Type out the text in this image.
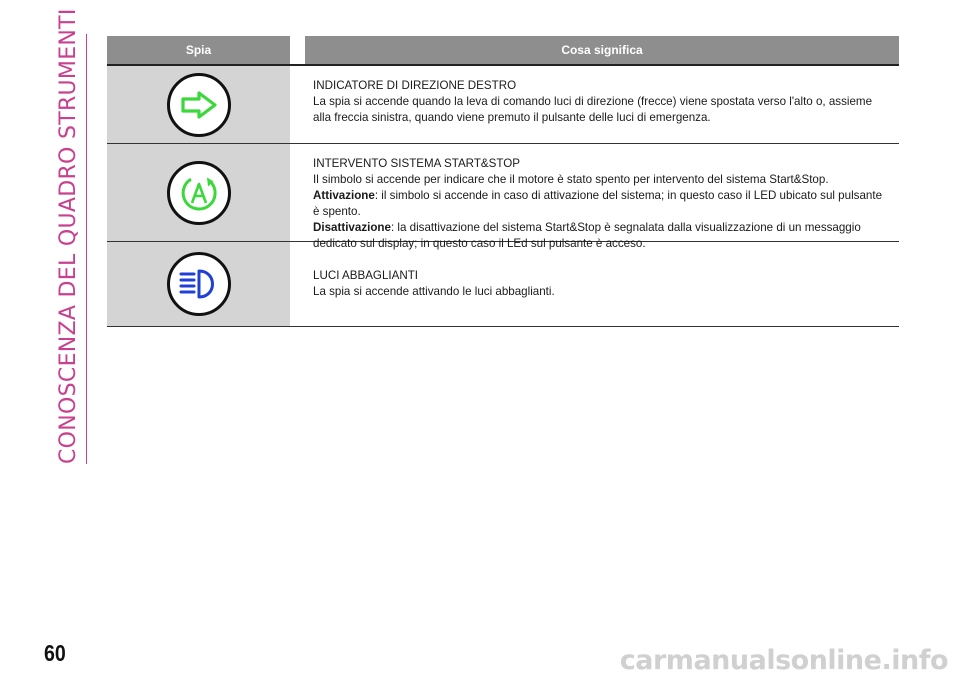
CONOSCENZA DEL QUADRO STRUMENTI	Spia	Cosa significa
INDICATORE DI DIREZIONE DESTRO
La spia si accende quando la leva di comando luci di direzione (frecce) viene spostata verso l'alto o, assieme alla freccia sinistra, quando viene premuto il pulsante delle luci di emergenza.
INTERVENTO SISTEMA START&STOP
Il simbolo si accende per indicare che il motore è stato spento per intervento del sistema Start&Stop.
Attivazione: il simbolo si accende in caso di attivazione del sistema; in questo caso il LED ubicato sul pulsante è spento.
Disattivazione: la disattivazione del sistema Start&Stop è segnalata dalla visualizzazione di un messaggio dedicato sul display; in questo caso il LEd sul pulsante è acceso.
LUCI ABBAGLIANTI
La spia si accende attivando le luci abbaglianti.
60	carmanualsonline.info
